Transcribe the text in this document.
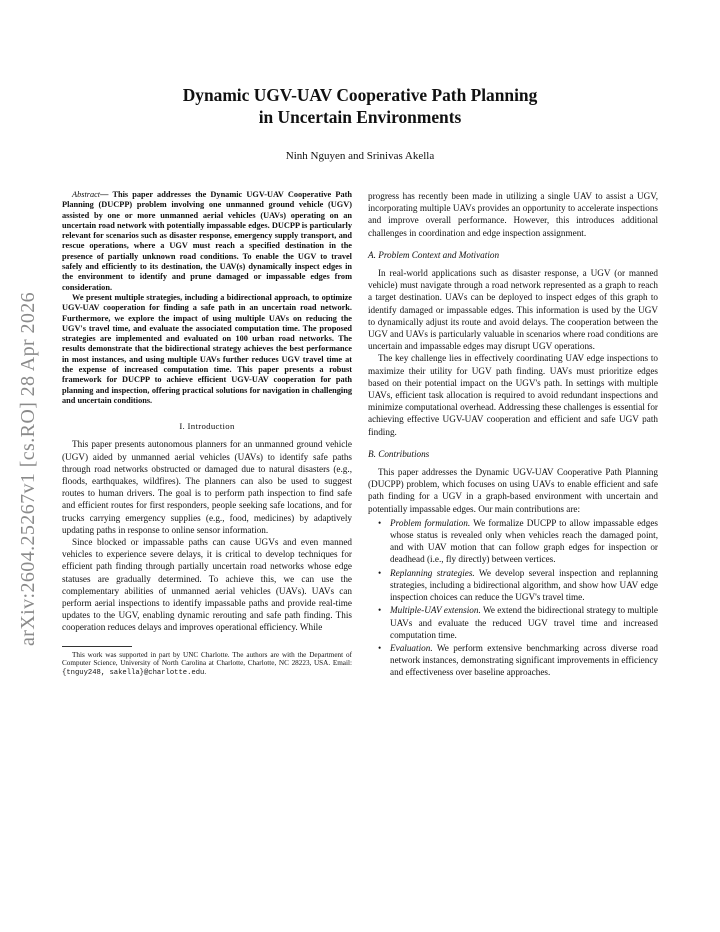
arXiv:2604.25267v1 [cs.RO] 28 Apr 2026
Dynamic UGV-UAV Cooperative Path Planning
in Uncertain Environments
Ninh Nguyen and Srinivas Akella

Abstract— This paper addresses the Dynamic UGV-UAV Cooperative Path Planning (DUCPP) problem involving one unmanned ground vehicle (UGV) assisted by one or more unmanned aerial vehicles (UAVs) operating on an uncertain road network with potentially impassable edges. DUCPP is particularly relevant for scenarios such as disaster response, emergency supply transport, and rescue operations, where a UGV must reach a specified destination in the presence of partially unknown road conditions. To enable the UGV to travel safely and efficiently to its destination, the UAV(s) dynamically inspect edges in the environment to identify and prune damaged or impassable edges from consideration.

We present multiple strategies, including a bidirectional approach, to optimize UGV-UAV cooperation for finding a safe path in an uncertain road network. Furthermore, we explore the impact of using multiple UAVs on reducing the UGV's travel time, and evaluate the associated computation time. The proposed strategies are implemented and evaluated on 100 urban road networks. The results demonstrate that the bidirectional strategy achieves the best performance in most instances, and using multiple UAVs further reduces UGV travel time at the expense of increased computation time. This paper presents a robust framework for DUCPP to achieve efficient UGV-UAV cooperation for path planning and inspection, offering practical solutions for navigation in challenging and uncertain conditions.

I. Introduction

This paper presents autonomous planners for an unmanned ground vehicle (UGV) aided by unmanned aerial vehicles (UAVs) to identify safe paths through road networks obstructed or damaged due to natural disasters (e.g., floods, earthquakes, wildfires). The planners can also be used to suggest routes to human drivers. The goal is to perform path inspection to find safe and efficient routes for first responders, people seeking safe locations, and for trucks carrying emergency supplies (e.g., food, medicines) by adaptively updating paths in response to online sensor information.

Since blocked or impassable paths can cause UGVs and even manned vehicles to experience severe delays, it is critical to develop techniques for efficient path finding through partially uncertain road networks whose edge statuses are gradually determined. To achieve this, we can use the complementary abilities of unmanned aerial vehicles (UAVs). UAVs can perform aerial inspections to identify impassable paths and provide real-time updates to the UGV, enabling dynamic rerouting and safe path finding. This cooperation reduces delays and improves operational efficiency. While

This work was supported in part by UNC Charlotte. The authors are with the Department of Computer Science, University of North Carolina at Charlotte, Charlotte, NC 28223, USA. Email: {tnguy248, sakella}@charlotte.edu.

progress has recently been made in utilizing a single UAV to assist a UGV, incorporating multiple UAVs provides an opportunity to accelerate inspections and improve overall performance. However, this introduces additional challenges in coordination and edge inspection assignment.

A. Problem Context and Motivation

In real-world applications such as disaster response, a UGV (or manned vehicle) must navigate through a road network represented as a graph to reach a target destination. UAVs can be deployed to inspect edges of this graph to identify damaged or impassable edges. This information is used by the UGV to dynamically adjust its route and avoid delays. The cooperation between the UGV and UAVs is particularly valuable in scenarios where road conditions are uncertain and impassable edges may disrupt UGV operations.

The key challenge lies in effectively coordinating UAV edge inspections to maximize their utility for UGV path finding. UAVs must prioritize edges based on their potential impact on the UGV's path. In settings with multiple UAVs, efficient task allocation is required to avoid redundant inspections and minimize computational overhead. Addressing these challenges is essential for achieving effective UGV-UAV cooperation and efficient and safe UGV path finding.

B. Contributions

This paper addresses the Dynamic UGV-UAV Cooperative Path Planning (DUCPP) problem, which focuses on using UAVs to enable efficient and safe path finding for a UGV in a graph-based environment with uncertain and potentially impassable edges. Our main contributions are:

• Problem formulation. We formalize DUCPP to allow impassable edges whose status is revealed only when vehicles reach the damaged point, and with UAV motion that can follow graph edges for inspection or deadhead (i.e., fly directly) between vertices.
• Replanning strategies. We develop several inspection and replanning strategies, including a bidirectional algorithm, and show how UAV edge inspection choices can reduce the UGV's travel time.
• Multiple-UAV extension. We extend the bidirectional strategy to multiple UAVs and evaluate the reduced UGV travel time and increased computation time.
• Evaluation. We perform extensive benchmarking across diverse road network instances, demonstrating significant improvements in efficiency and effectiveness over baseline approaches.
